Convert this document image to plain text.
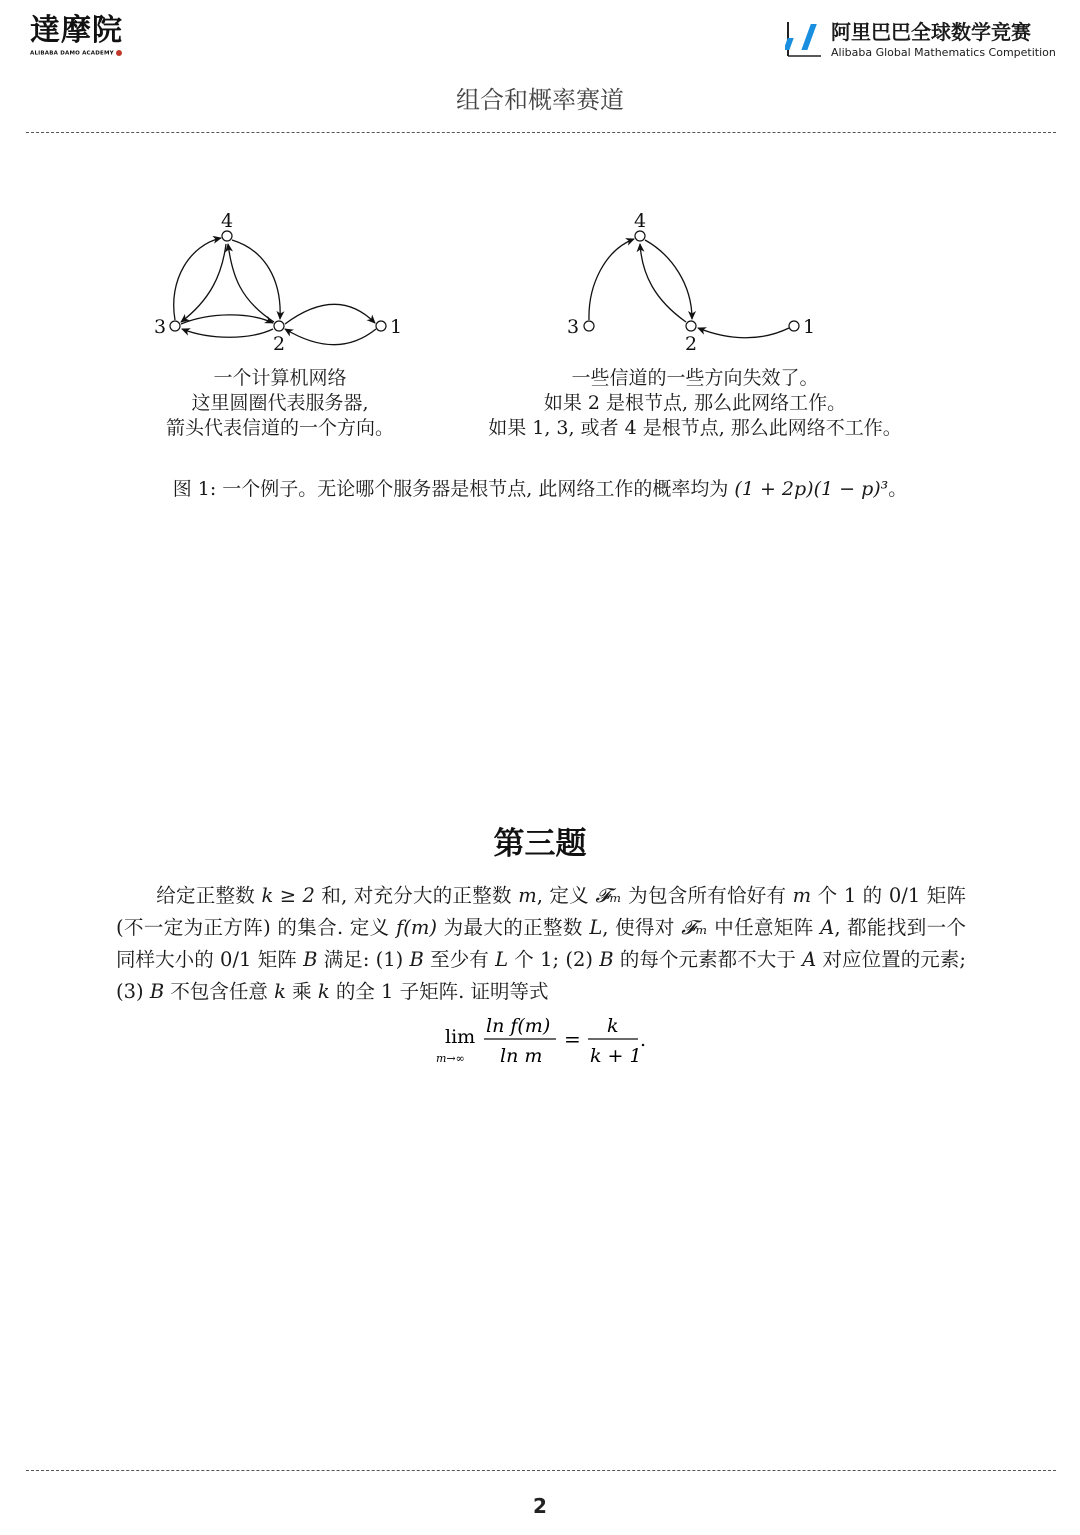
達摩院
ALIBABA DAMO ACADEMY
阿里巴巴全球数学竞赛
Alibaba Global Mathematics Competition
组合和概率赛道
4
3
2
1
4
3
2
1
一个计算机网络
这里圆圈代表服务器,
箭头代表信道的一个方向。
一些信道的一些方向失效了。
如果 2 是根节点, 那么此网络工作。
如果 1, 3, 或者 4 是根节点, 那么此网络不工作。
图 1: 一个例子。无论哪个服务器是根节点, 此网络工作的概率均为 (1 + 2p)(1 − p)³。
第三题
给定正整数 k ≥ 2 和, 对充分大的正整数 m, 定义 𝓕ₘ 为包含所有恰好有 m 个 1 的 0/1 矩阵 (不一定为正方阵) 的集合. 定义 f(m) 为最大的正整数 L, 使得对 𝓕ₘ 中任意矩阵 A, 都能找到一个同样大小的 0/1 矩阵 B 满足: (1) B 至少有 L 个 1; (2) B 的每个元素都不大于 A 对应位置的元素; (3) B 不包含任意 k 乘 k 的全 1 子矩阵. 证明等式
lim
m→∞
ln f(m)
ln m
=
k
k + 1
.
2
